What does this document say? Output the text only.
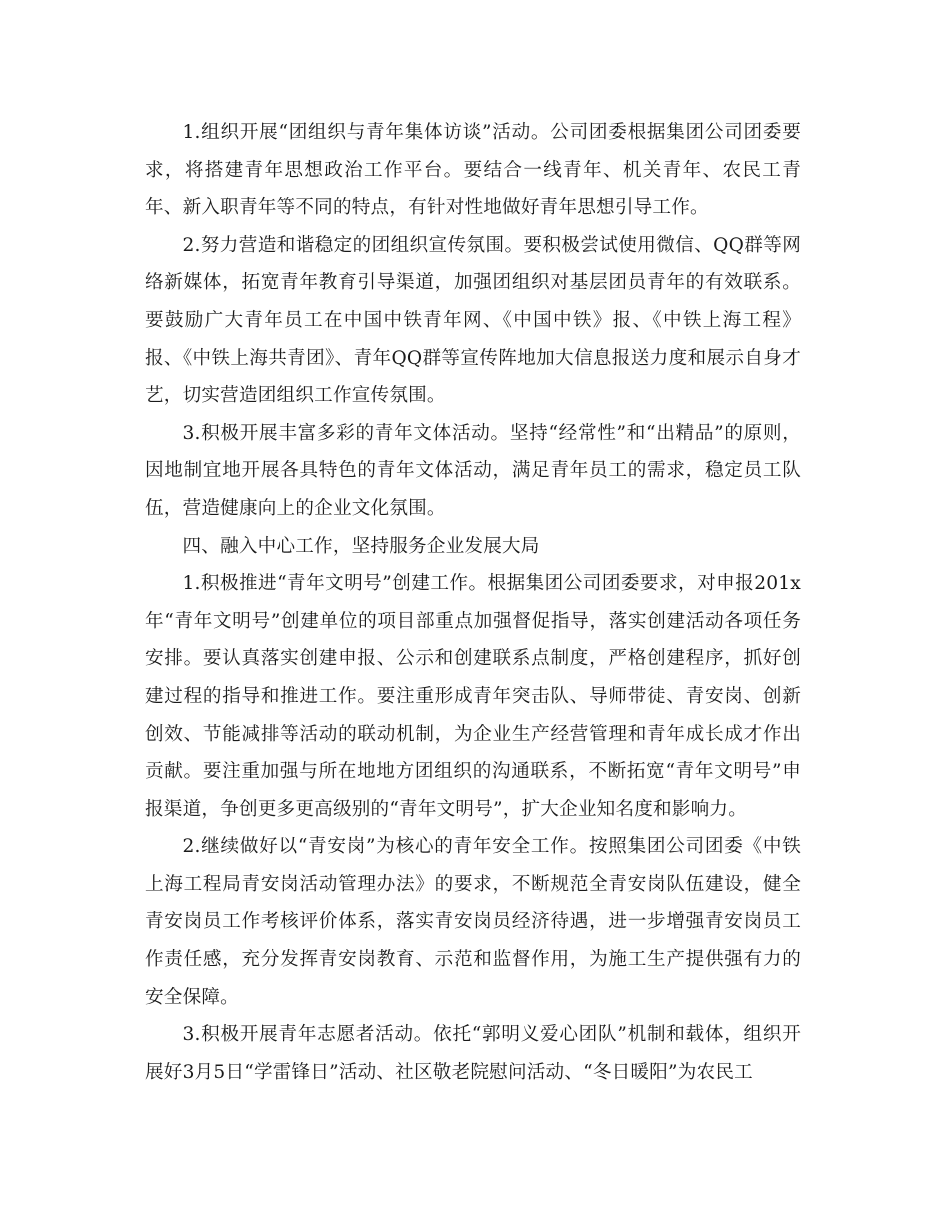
1.组织开展“团组织与青年集体访谈”活动。公司团委根据集团公司团委要求，将搭建青年思想政治工作平台。要结合一线青年、机关青年、农民工青年、新入职青年等不同的特点，有针对性地做好青年思想引导工作。

2.努力营造和谐稳定的团组织宣传氛围。要积极尝试使用微信、QQ群等网络新媒体，拓宽青年教育引导渠道，加强团组织对基层团员青年的有效联系。要鼓励广大青年员工在中国中铁青年网、《中国中铁》报、《中铁上海工程》报、《中铁上海共青团》、青年QQ群等宣传阵地加大信息报送力度和展示自身才艺，切实营造团组织工作宣传氛围。

3.积极开展丰富多彩的青年文体活动。坚持“经常性”和“出精品”的原则，因地制宜地开展各具特色的青年文体活动，满足青年员工的需求，稳定员工队伍，营造健康向上的企业文化氛围。

四、融入中心工作，坚持服务企业发展大局

1.积极推进“青年文明号”创建工作。根据集团公司团委要求，对申报201x年“青年文明号”创建单位的项目部重点加强督促指导，落实创建活动各项任务安排。要认真落实创建申报、公示和创建联系点制度，严格创建程序，抓好创建过程的指导和推进工作。要注重形成青年突击队、导师带徒、青安岗、创新创效、节能减排等活动的联动机制，为企业生产经营管理和青年成长成才作出贡献。要注重加强与所在地地方团组织的沟通联系，不断拓宽“青年文明号”申报渠道，争创更多更高级别的“青年文明号”，扩大企业知名度和影响力。

2.继续做好以“青安岗”为核心的青年安全工作。按照集团公司团委《中铁上海工程局青安岗活动管理办法》的要求，不断规范全青安岗队伍建设，健全青安岗员工作考核评价体系，落实青安岗员经济待遇，进一步增强青安岗员工作责任感，充分发挥青安岗教育、示范和监督作用，为施工生产提供强有力的安全保障。

3.积极开展青年志愿者活动。依托“郭明义爱心团队”机制和载体，组织开展好3月5日“学雷锋日”活动、社区敬老院慰问活动、“冬日暖阳”为农民工
